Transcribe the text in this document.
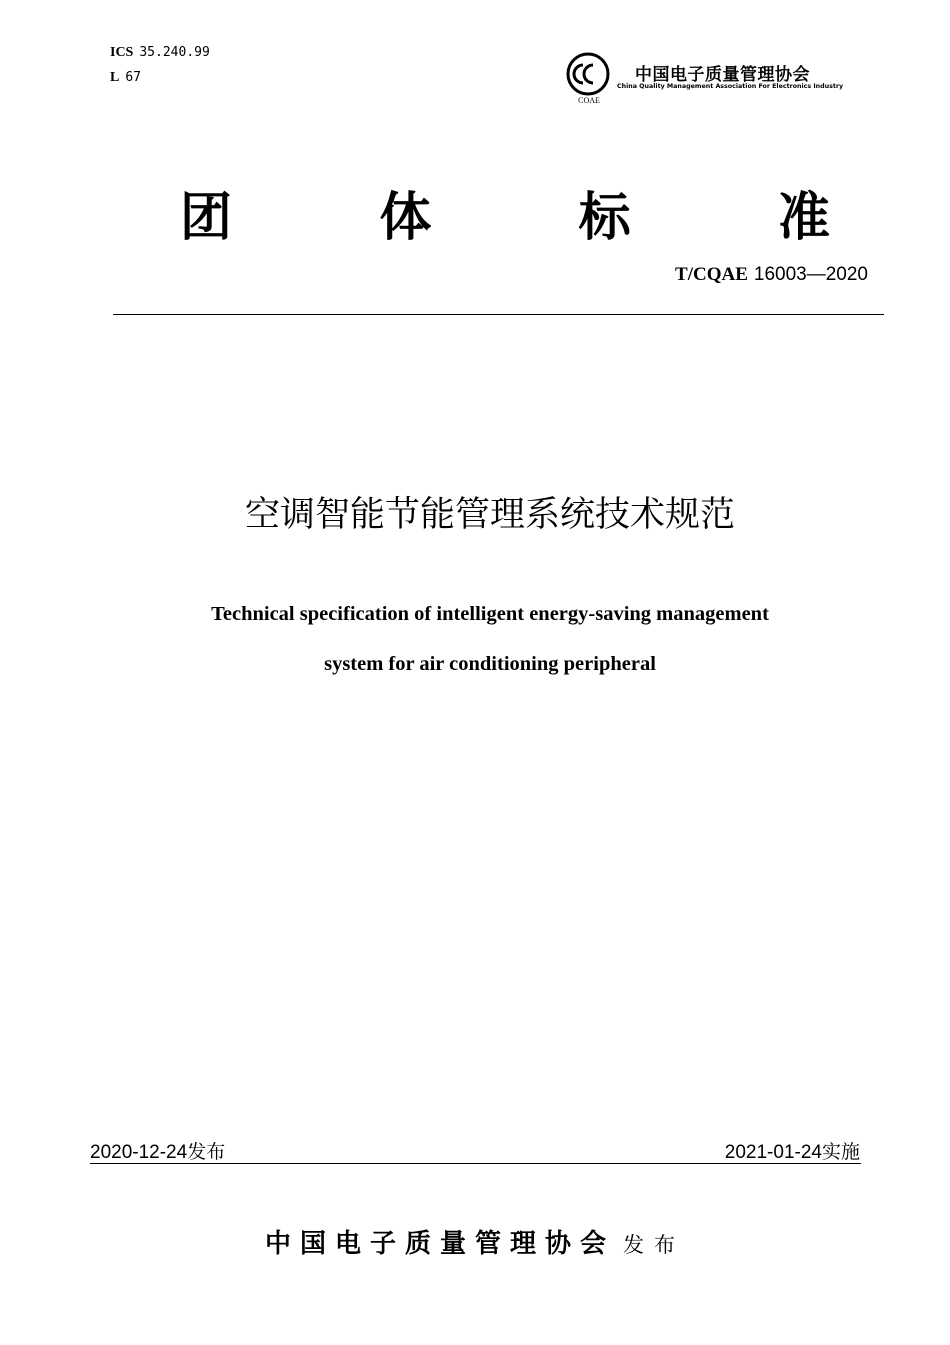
ICS 35.240.99
L 67
COAE
中国电子质量管理协会
China Quality Management Association For Electronics Industry
团	体	标	准
T/CQAE 16003—2020
空调智能节能管理系统技术规范
Technical specification of intelligent energy-saving management
system for air conditioning peripheral
2020-12-24发布	2021-01-24实施
中国电子质量管理协会 发布
